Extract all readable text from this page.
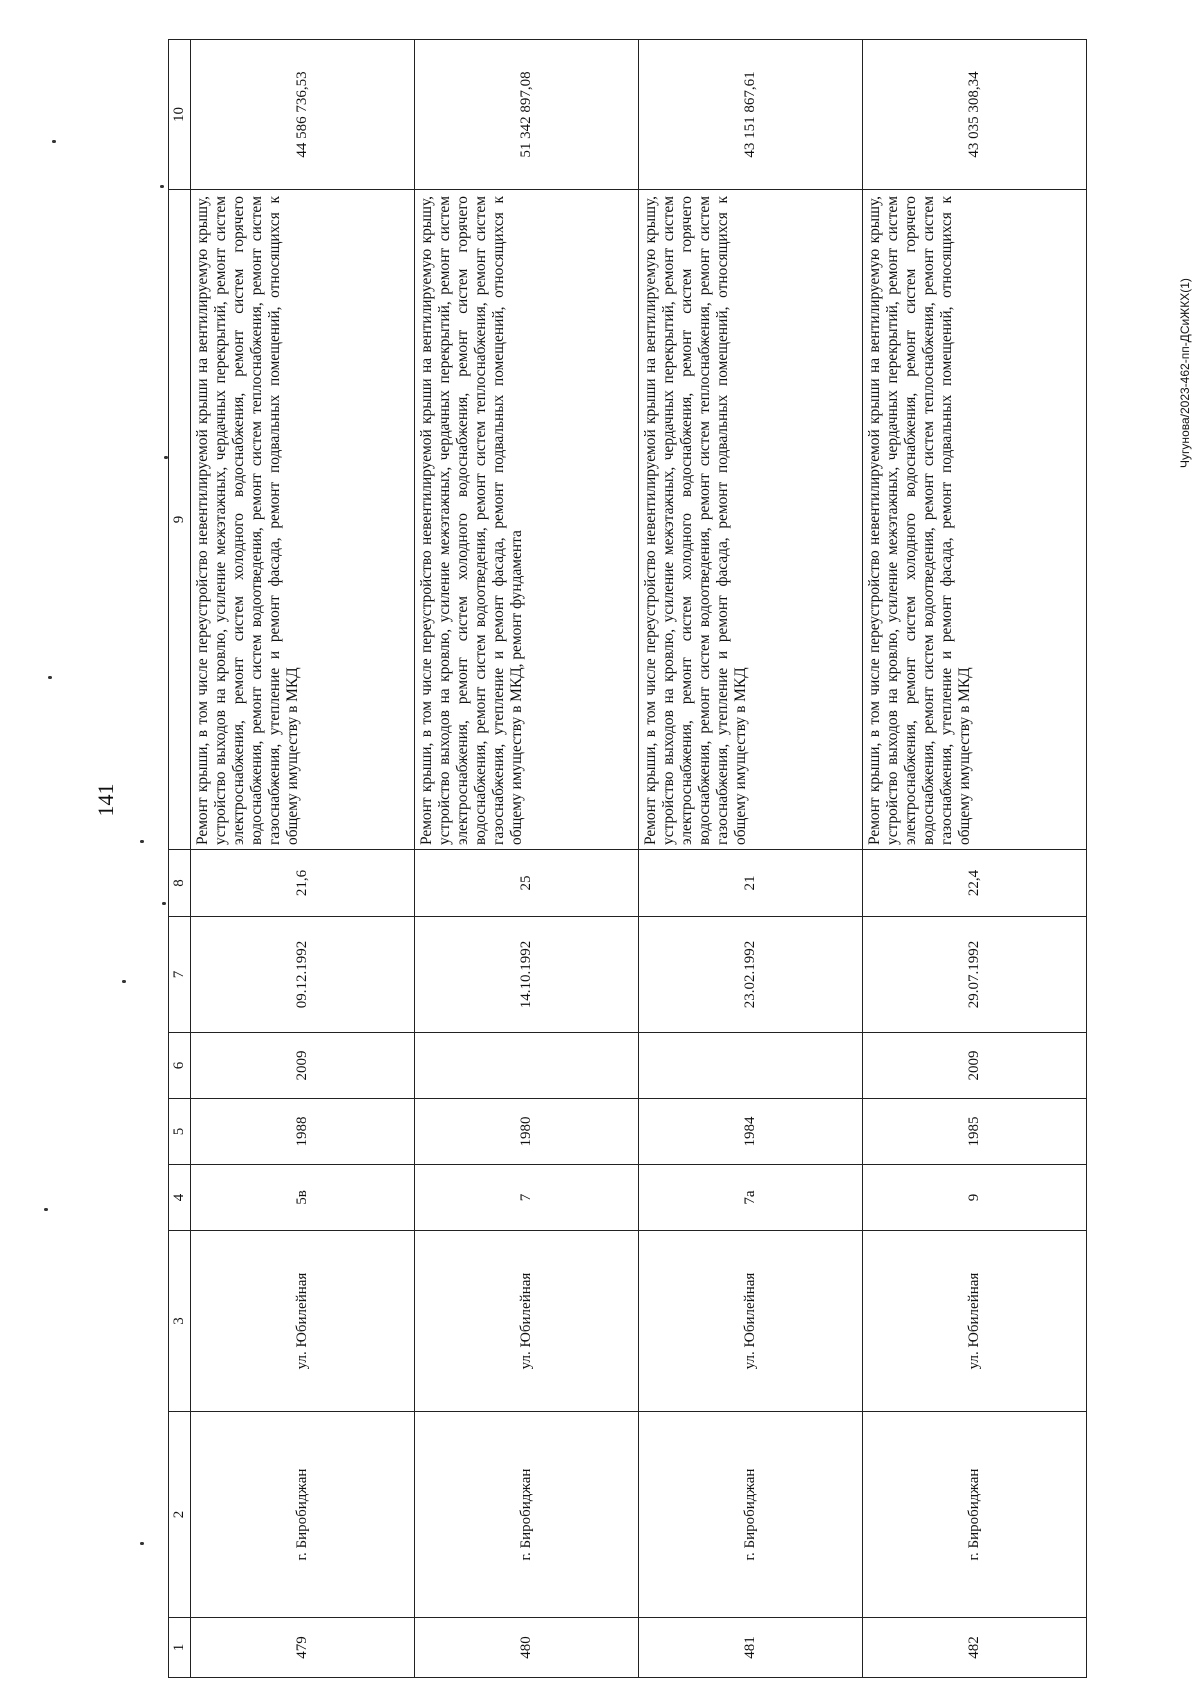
141
1	2	3	4	5	6	7	8	9	10
479	г. Биробиджан	ул. Юбилейная	5в	1988	2009	09.12.1992	21,6	Ремонт крыши, в том числе переустройство невентилируемой крыши на вентилируемую крышу, устройство выходов на кровлю, усиление межэтажных, чердачных перекрытий, ремонт систем электроснабжения, ремонт систем холодного водоснабжения, ремонт систем горячего водоснабжения, ремонт систем водоотведения, ремонт систем теплоснабжения, ремонт систем газоснабжения, утепление и ремонт фасада, ремонт подвальных помещений, относящихся к общему имуществу в МКД	44 586 736,53
480	г. Биробиджан	ул. Юбилейная	7	1980		14.10.1992	25	Ремонт крыши, в том числе переустройство невентилируемой крыши на вентилируемую крышу, устройство выходов на кровлю, усиление межэтажных, чердачных перекрытий, ремонт систем электроснабжения, ремонт систем холодного водоснабжения, ремонт систем горячего водоснабжения, ремонт систем водоотведения, ремонт систем теплоснабжения, ремонт систем газоснабжения, утепление и ремонт фасада, ремонт подвальных помещений, относящихся к общему имуществу в МКД, ремонт фундамента	51 342 897,08
481	г. Биробиджан	ул. Юбилейная	7а	1984		23.02.1992	21	Ремонт крыши, в том числе переустройство невентилируемой крыши на вентилируемую крышу, устройство выходов на кровлю, усиление межэтажных, чердачных перекрытий, ремонт систем электроснабжения, ремонт систем холодного водоснабжения, ремонт систем горячего водоснабжения, ремонт систем водоотведения, ремонт систем теплоснабжения, ремонт систем газоснабжения, утепление и ремонт фасада, ремонт подвальных помещений, относящихся к общему имуществу в МКД	43 151 867,61
482	г. Биробиджан	ул. Юбилейная	9	1985	2009	29.07.1992	22,4	Ремонт крыши, в том числе переустройство невентилируемой крыши на вентилируемую крышу, устройство выходов на кровлю, усиление межэтажных, чердачных перекрытий, ремонт систем электроснабжения, ремонт систем холодного водоснабжения, ремонт систем горячего водоснабжения, ремонт систем водоотведения, ремонт систем теплоснабжения, ремонт систем газоснабжения, утепление и ремонт фасада, ремонт подвальных помещений, относящихся к общему имуществу в МКД	43 035 308,34
Чугунова/2023-462-пп-ДСиЖКХ(1)
